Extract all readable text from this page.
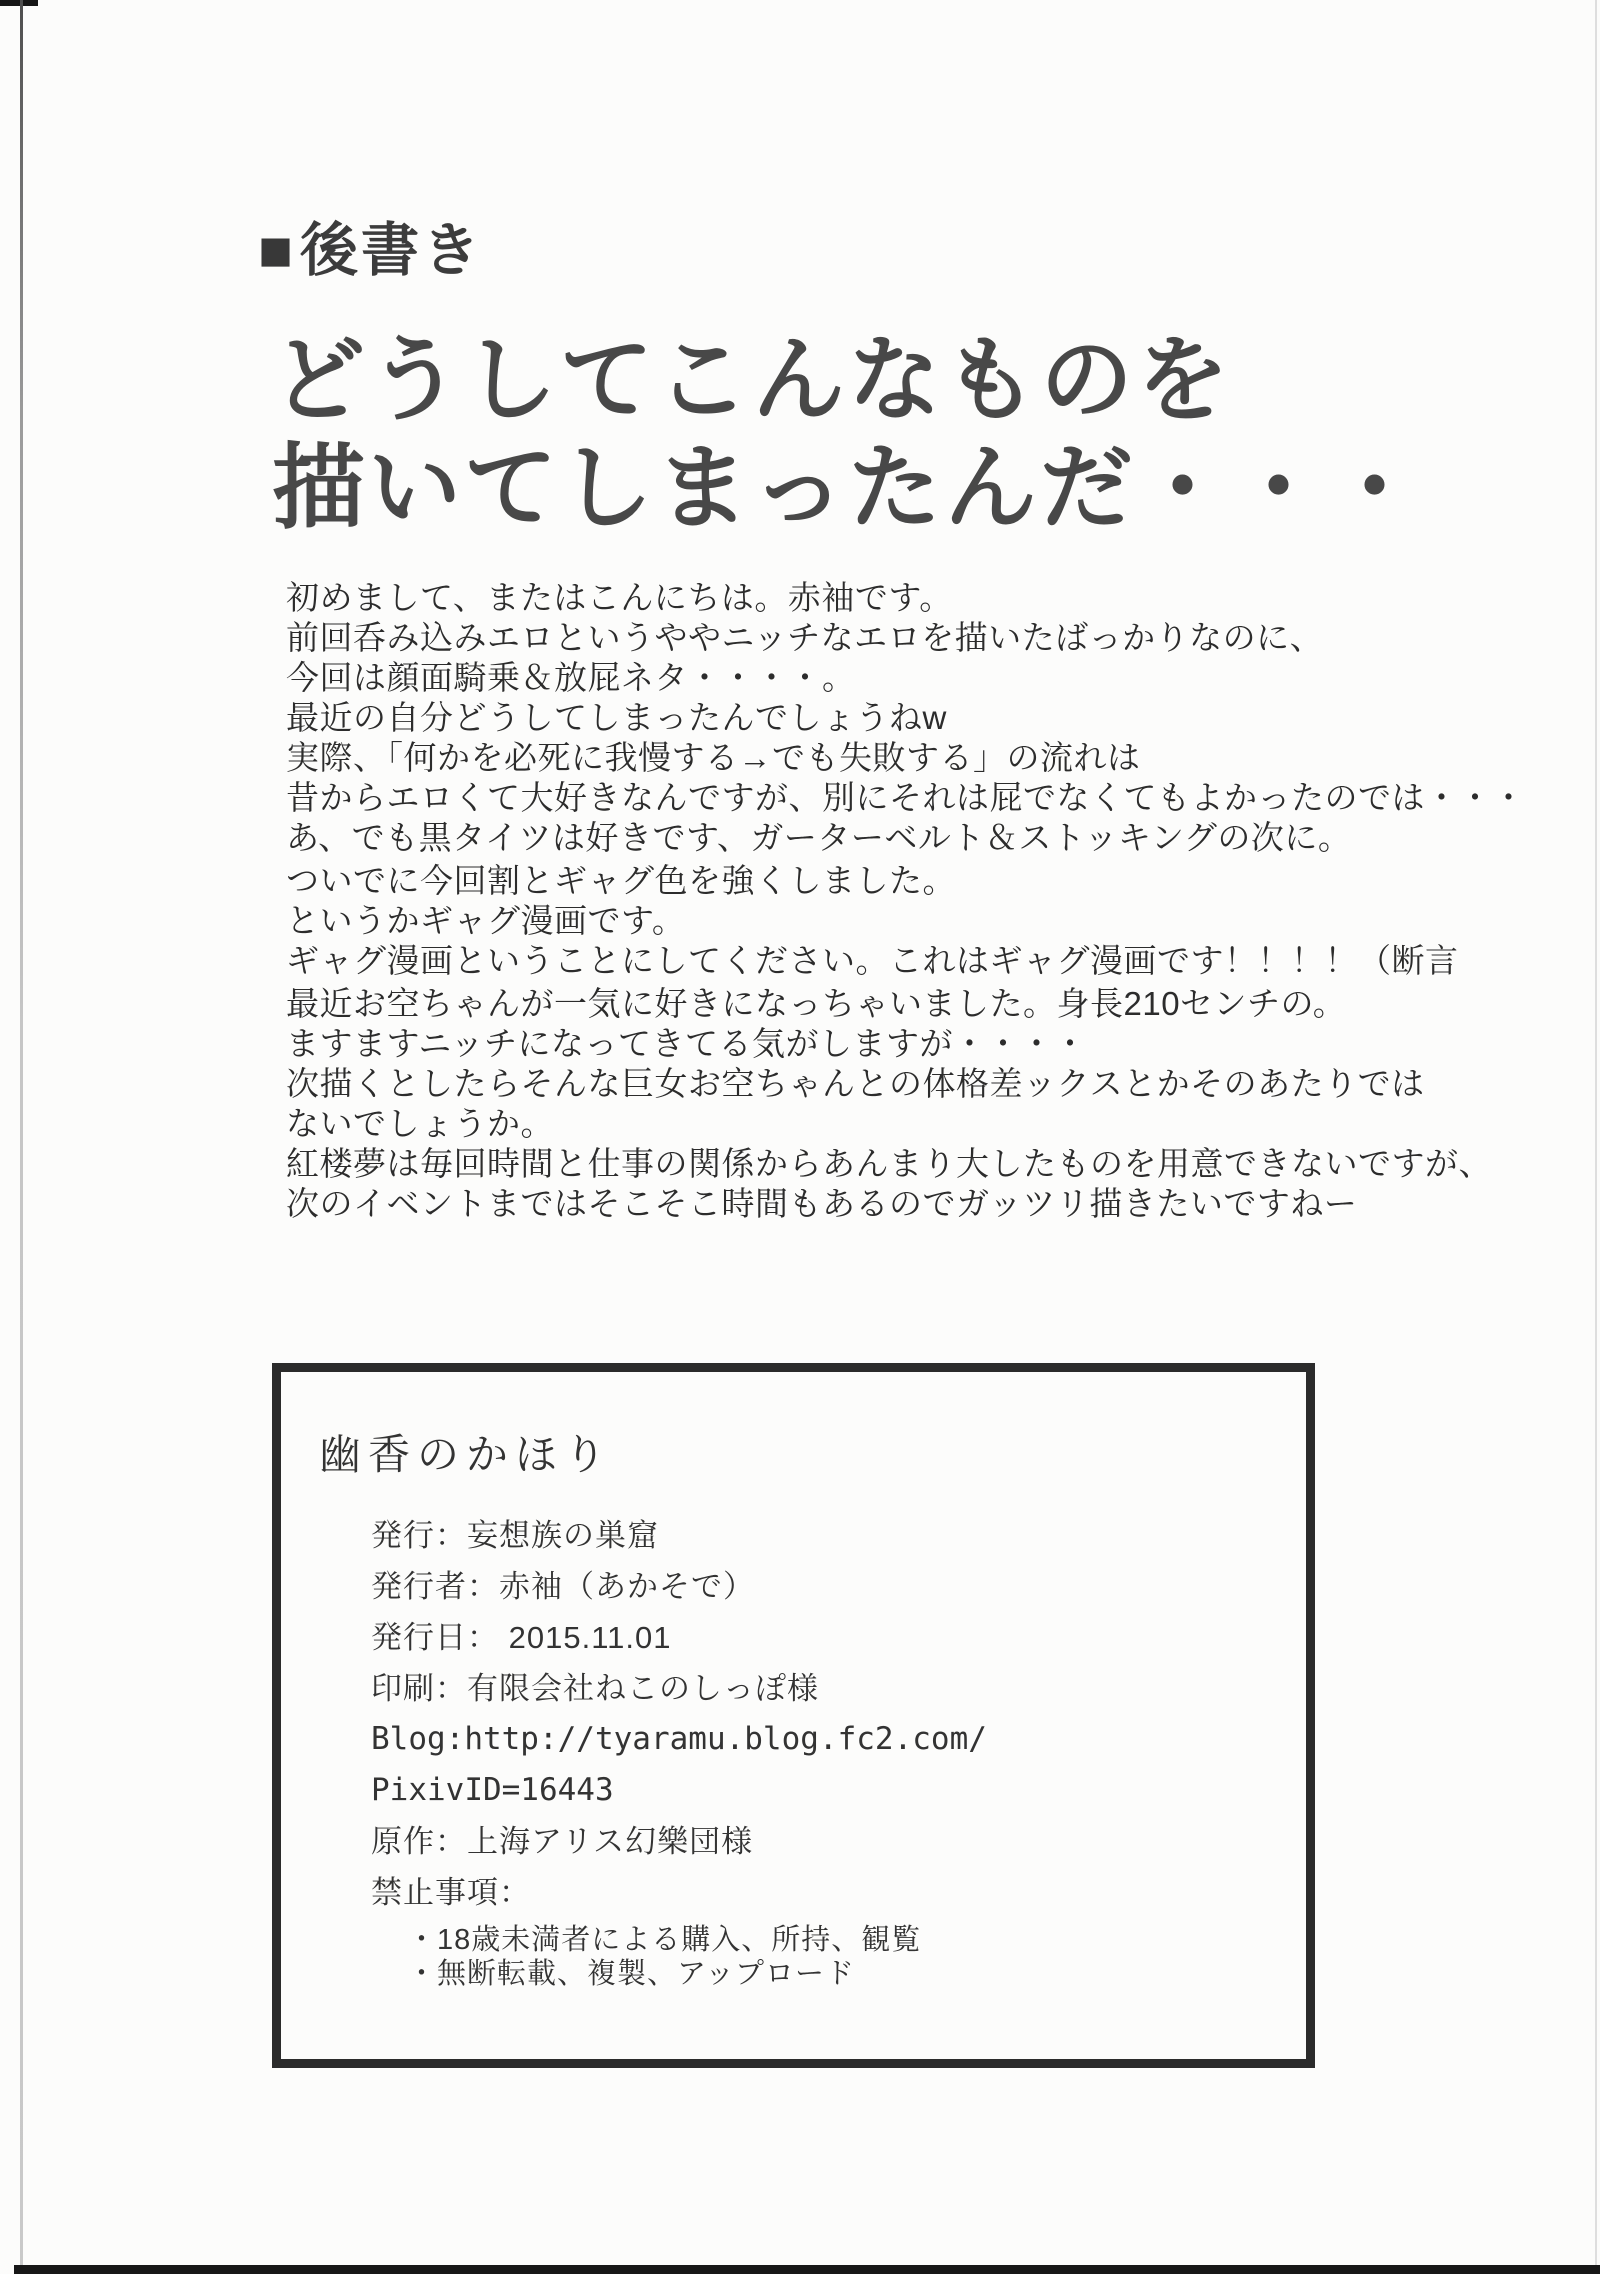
■後書き
どうしてこんなものを
描いてしまったんだ・・・
初めまして、またはこんにちは。赤袖です。
前回呑み込みエロというややニッチなエロを描いたばっかりなのに、
今回は顔面騎乗＆放屁ネタ・・・・。
最近の自分どうしてしまったんでしょうねw
実際、「何かを必死に我慢する→でも失敗する」の流れは
昔からエロくて大好きなんですが、別にそれは屁でなくてもよかったのでは・・・
あ、でも黒タイツは好きです、ガーターベルト＆ストッキングの次に。
ついでに今回割とギャグ色を強くしました。
というかギャグ漫画です。
ギャグ漫画ということにしてください。これはギャグ漫画です！！！！（断言
最近お空ちゃんが一気に好きになっちゃいました。身長210センチの。
ますますニッチになってきてる気がしますが・・・・
次描くとしたらそんな巨女お空ちゃんとの体格差ックスとかそのあたりでは
ないでしょうか。
紅楼夢は毎回時間と仕事の関係からあんまり大したものを用意できないですが、
次のイベントまではそこそこ時間もあるのでガッツリ描きたいですねー
幽香のかほり
発行：妄想族の巣窟
発行者：赤袖（あかそで）
発行日： 2015.11.01
印刷：有限会社ねこのしっぽ様
Blog:http://tyaramu.blog.fc2.com/
PixivID=16443
原作：上海アリス幻樂団様
禁止事項：
・18歳未満者による購入、所持、観覧
・無断転載、複製、アップロード
